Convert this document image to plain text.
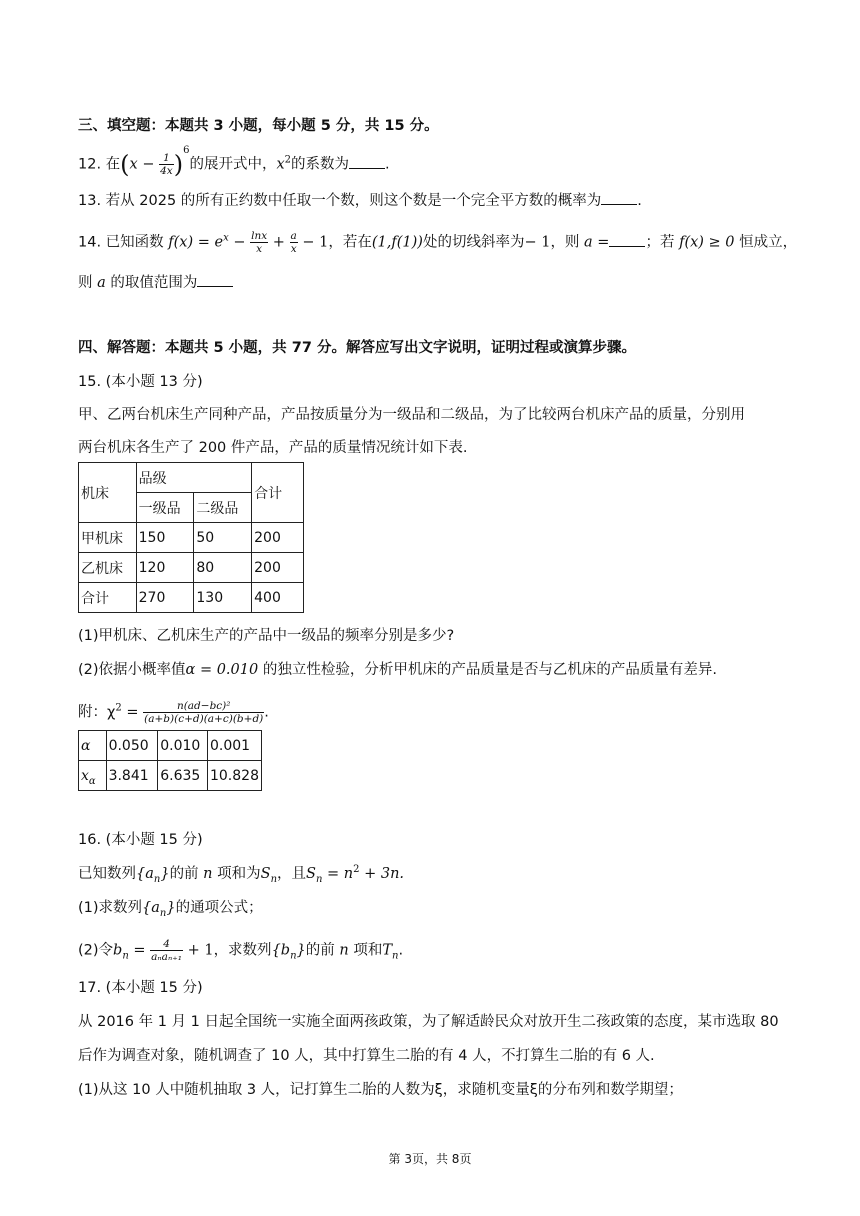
三、填空题：本题共 3 小题，每小题 5 分，共 15 分。
12. 在$(x - \frac{1}{4x} )^6$的展开式中，$x^2$的系数为 .
13. 若从 2025 的所有正约数中任取一个数，则这个数是一个完全平方数的概率为 .
14. 已知函数 $f(x) = e^x - \frac{\ln x}{x} + \frac{a}{x} - 1$，若在(1,f(1))处的切线斜率为− 1，则 a = ；若 f(x) ≥ 0 恒成立，
则 a 的取值范围为
四、解答题：本题共 5 小题，共 77 分。解答应写出文字说明，证明过程或演算步骤。
15. (本小题 13 分)
甲、乙两台机床生产同种产品，产品按质量分为一级品和二级品，为了比较两台机床产品的质量，分别用
两台机床各生产了 200 件产品，产品的质量情况统计如下表.
机床	品级		合计
	一级品	二级品	
甲机床	150	50	200
乙机床	120	80	200
合计	270	130	400
(1)甲机床、乙机床生产的产品中一级品的频率分别是多少?
(2)依据小概率值α = 0.010 的独立性检验，分析甲机床的产品质量是否与乙机床的产品质量有差异.
附：$\chi^2 = \frac{\text{n(ad−bc)²}}{(a+b)(c+d)(a+c)(b+d)}$ .
α	0.050	0.010	0.001
$x_\alpha$	3.841	6.635	10.828
16. (本小题 15 分)
已知数列$\{a_n\}$的前 n 项和为$S_n$，且$S_n = n^2 + 3n$.
(1)求数列$\{a_n\}$的通项公式；
(2)令$b_n = \frac{4}{\text{aₙaₙ₊₁}} + 1$，求数列$\{b_n\}$的前 n 项和$T_n$.
17. (本小题 15 分)
从 2016 年 1 月 1 日起全国统一实施全面两孩政策，为了解适龄民众对放开生二孩政策的态度，某市选取 80
后作为调查对象，随机调查了 10 人，其中打算生二胎的有 4 人，不打算生二胎的有 6 人.
(1)从这 10 人中随机抽取 3 人，记打算生二胎的人数为ξ，求随机变量ξ的分布列和数学期望；
第 3页，共 8页
